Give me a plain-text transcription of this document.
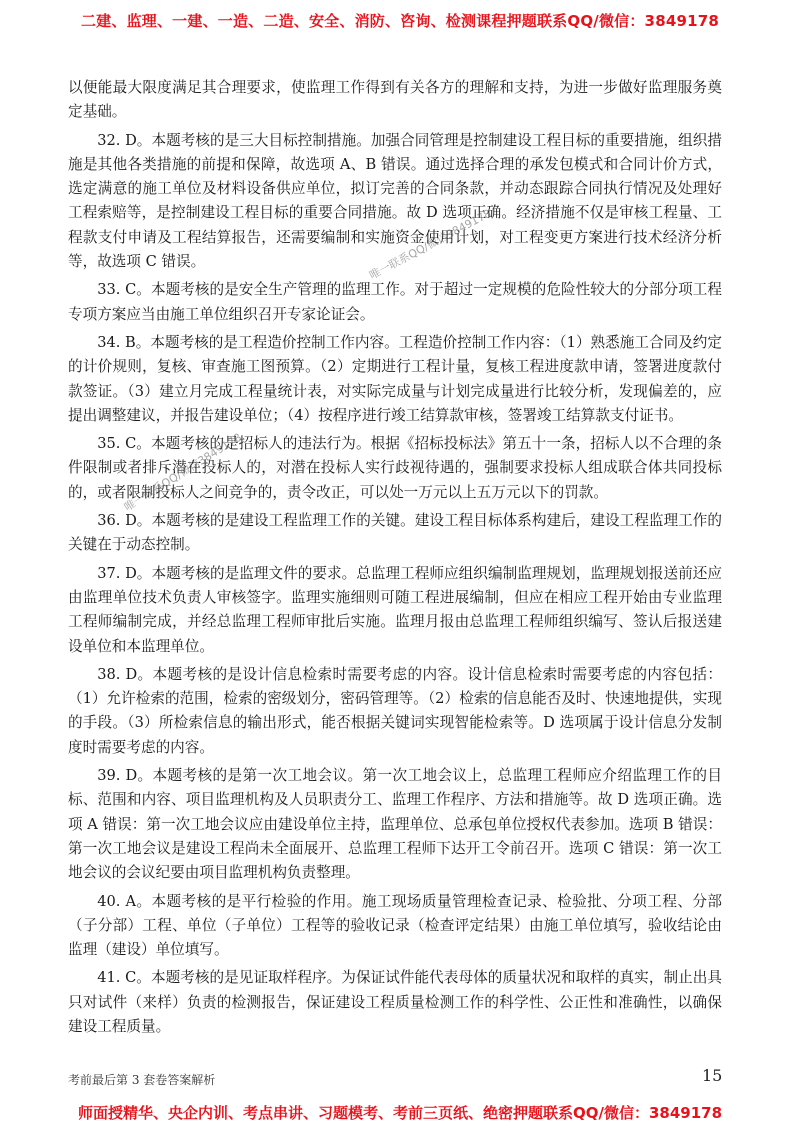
二建、监理、一建、一造、二造、安全、消防、咨询、检测课程押题联系QQ/微信：3849178

以便能最大限度满足其合理要求，使监理工作得到有关各方的理解和支持，为进一步做好监理服务奠定基础。

32. D。本题考核的是三大目标控制措施。加强合同管理是控制建设工程目标的重要措施，组织措施是其他各类措施的前提和保障，故选项 A、B 错误。通过选择合理的承发包模式和合同计价方式，选定满意的施工单位及材料设备供应单位，拟订完善的合同条款，并动态跟踪合同执行情况及处理好工程索赔等，是控制建设工程目标的重要合同措施。故 D 选项正确。经济措施不仅是审核工程量、工程款支付申请及工程结算报告，还需要编制和实施资金使用计划，对工程变更方案进行技术经济分析等，故选项 C 错误。

33. C。本题考核的是安全生产管理的监理工作。对于超过一定规模的危险性较大的分部分项工程专项方案应当由施工单位组织召开专家论证会。

34. B。本题考核的是工程造价控制工作内容。工程造价控制工作内容：（1）熟悉施工合同及约定的计价规则，复核、审查施工图预算。（2）定期进行工程计量，复核工程进度款申请，签署进度款付款签证。（3）建立月完成工程量统计表，对实际完成量与计划完成量进行比较分析，发现偏差的，应提出调整建议，并报告建设单位；（4）按程序进行竣工结算款审核，签署竣工结算款支付证书。

35. C。本题考核的是招标人的违法行为。根据《招标投标法》第五十一条，招标人以不合理的条件限制或者排斥潜在投标人的，对潜在投标人实行歧视待遇的，强制要求投标人组成联合体共同投标的，或者限制投标人之间竞争的，责令改正，可以处一万元以上五万元以下的罚款。

36. D。本题考核的是建设工程监理工作的关键。建设工程目标体系构建后，建设工程监理工作的关键在于动态控制。

37. D。本题考核的是监理文件的要求。总监理工程师应组织编制监理规划，监理规划报送前还应由监理单位技术负责人审核签字。监理实施细则可随工程进展编制，但应在相应工程开始由专业监理工程师编制完成，并经总监理工程师审批后实施。监理月报由总监理工程师组织编写、签认后报送建设单位和本监理单位。

38. D。本题考核的是设计信息检索时需要考虑的内容。设计信息检索时需要考虑的内容包括：（1）允许检索的范围，检索的密级划分，密码管理等。（2）检索的信息能否及时、快速地提供，实现的手段。（3）所检索信息的输出形式，能否根据关键词实现智能检索等。D 选项属于设计信息分发制度时需要考虑的内容。

39. D。本题考核的是第一次工地会议。第一次工地会议上，总监理工程师应介绍监理工作的目标、范围和内容、项目监理机构及人员职责分工、监理工作程序、方法和措施等。故 D 选项正确。选项 A 错误：第一次工地会议应由建设单位主持，监理单位、总承包单位授权代表参加。选项 B 错误：第一次工地会议是建设工程尚未全面展开、总监理工程师下达开工令前召开。选项 C 错误：第一次工地会议的会议纪要由项目监理机构负责整理。

40. A。本题考核的是平行检验的作用。施工现场质量管理检查记录、检验批、分项工程、分部（子分部）工程、单位（子单位）工程等的验收记录（检查评定结果）由施工单位填写，验收结论由监理（建设）单位填写。

41. C。本题考核的是见证取样程序。为保证试件能代表母体的质量状况和取样的真实，制止出具只对试件（来样）负责的检测报告，保证建设工程质量检测工作的科学性、公正性和准确性，以确保建设工程质量。

唯一联系QQ/微信3849178
唯一联系QQ/微信3849178
考前最后第 3 套卷答案解析	15
师面授精华、央企内训、考点串讲、习题模考、考前三页纸、绝密押题联系QQ/微信：3849178
